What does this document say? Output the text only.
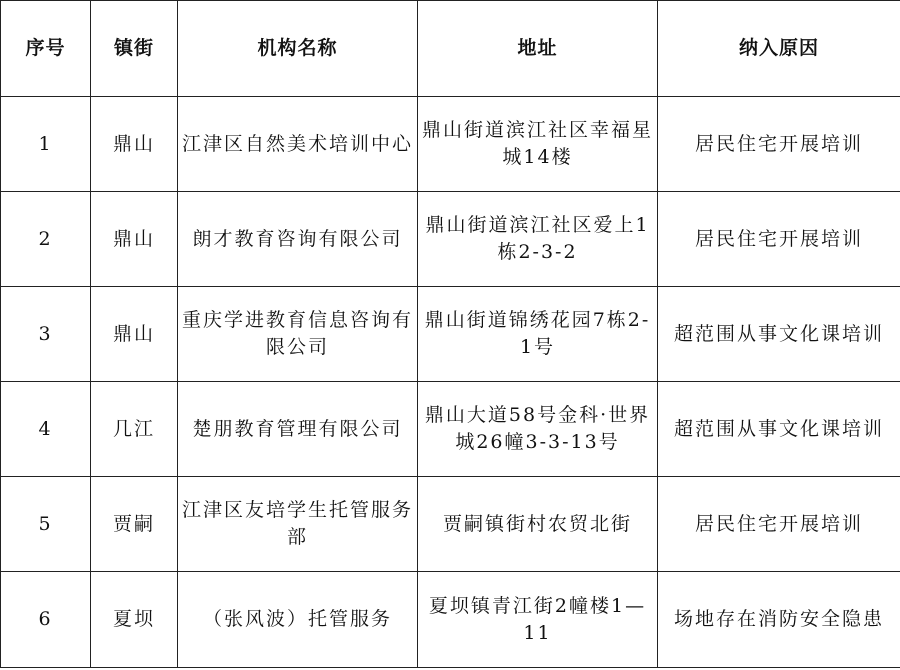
序号	镇街	机构名称	地址	纳入原因
1	鼎山	江津区自然美术培训中心	鼎山街道滨江社区幸福星城14楼	居民住宅开展培训
2	鼎山	朗才教育咨询有限公司	鼎山街道滨江社区爱上1栋2-3-2	居民住宅开展培训
3	鼎山	重庆学进教育信息咨询有限公司	鼎山街道锦绣花园7栋2-1号	超范围从事文化课培训
4	几江	楚朋教育管理有限公司	鼎山大道58号金科·世界城26幢3-3-13号	超范围从事文化课培训
5	贾嗣	江津区友培学生托管服务部	贾嗣镇街村农贸北街	居民住宅开展培训
6	夏坝	（张风波）托管服务	夏坝镇青江街2幢楼1—11	场地存在消防安全隐患
